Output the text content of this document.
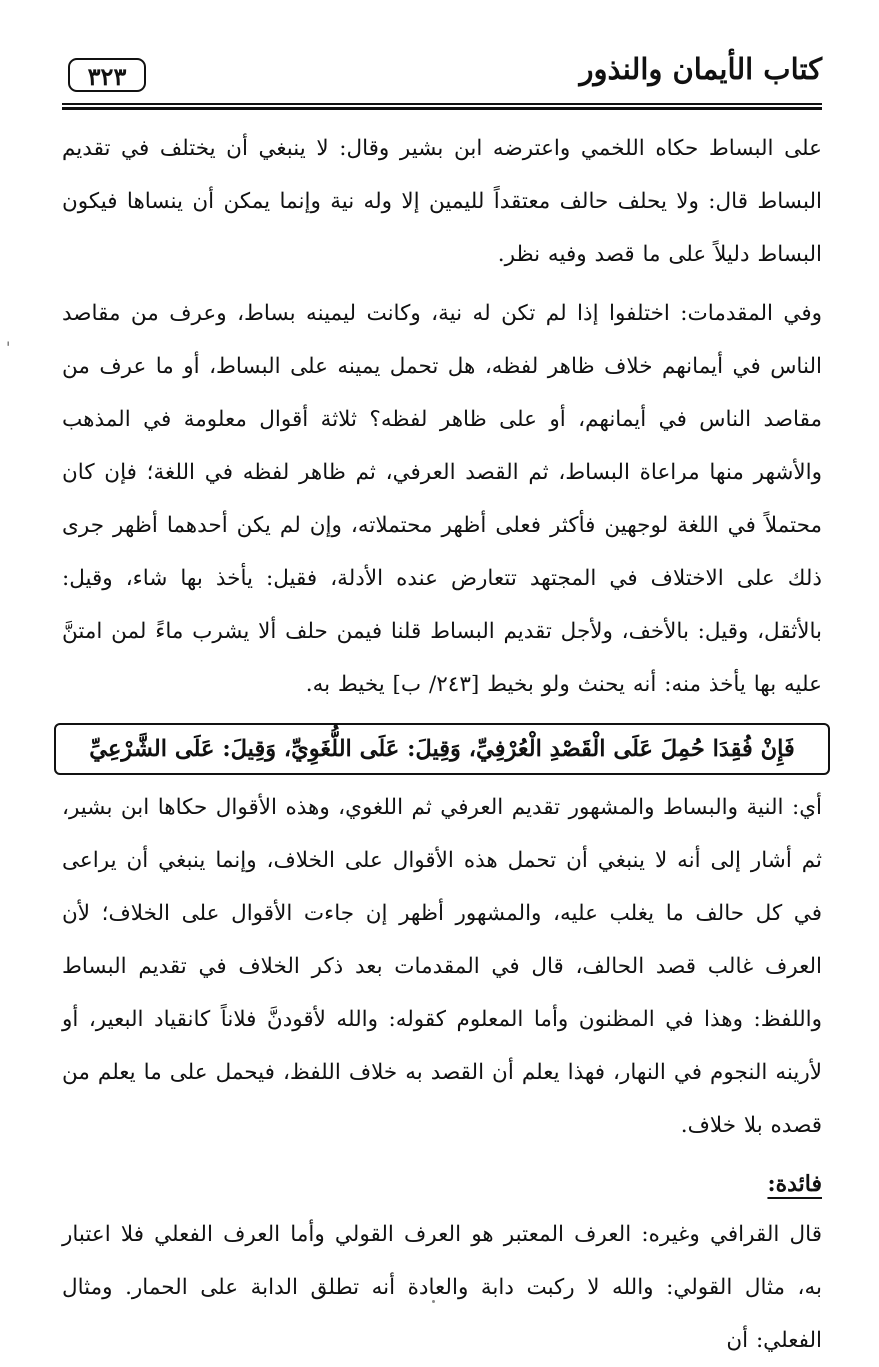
كتاب الأيمان والنذور
٣٢٣

على البساط حكاه اللخمي واعترضه ابن بشير وقال: لا ينبغي أن يختلف في تقديم البساط قال: ولا يحلف حالف معتقداً لليمين إلا وله نية وإنما يمكن أن ينساها فيكون البساط دليلاً على ما قصد وفيه نظر.

وفي المقدمات: اختلفوا إذا لم تكن له نية، وكانت ليمينه بساط، وعرف من مقاصد الناس في أيمانهم خلاف ظاهر لفظه، هل تحمل يمينه على البساط، أو ما عرف من مقاصد الناس في أيمانهم، أو على ظاهر لفظه؟ ثلاثة أقوال معلومة في المذهب والأشهر منها مراعاة البساط، ثم القصد العرفي، ثم ظاهر لفظه في اللغة؛ فإن كان محتملاً في اللغة لوجهين فأكثر فعلى أظهر محتملاته، وإن لم يكن أحدهما أظهر جرى ذلك على الاختلاف في المجتهد تتعارض عنده الأدلة، فقيل: يأخذ بها شاء، وقيل: بالأثقل، وقيل: بالأخف، ولأجل تقديم البساط قلنا فيمن حلف ألا يشرب ماءً لمن امتنَّ عليه بها يأخذ منه: أنه يحنث ولو بخيط [٢٤٣/ ب] يخيط به.

فَإِنْ فُقِدَا حُمِلَ عَلَى الْقَصْدِ الْعُرْفِيِّ، وَقِيلَ: عَلَى اللُّغَوِيِّ، وَقِيلَ: عَلَى الشَّرْعِيِّ

أي: النية والبساط والمشهور تقديم العرفي ثم اللغوي، وهذه الأقوال حكاها ابن بشير، ثم أشار إلى أنه لا ينبغي أن تحمل هذه الأقوال على الخلاف، وإنما ينبغي أن يراعى في كل حالف ما يغلب عليه، والمشهور أظهر إن جاءت الأقوال على الخلاف؛ لأن العرف غالب قصد الحالف، قال في المقدمات بعد ذكر الخلاف في تقديم البساط واللفظ: وهذا في المظنون وأما المعلوم كقوله: والله لأقودنَّ فلاناً كانقياد البعير، أو لأرينه النجوم في النهار، فهذا يعلم أن القصد به خلاف اللفظ، فيحمل على ما يعلم من قصده بلا خلاف.

فائدة:

قال القرافي وغيره: العرف المعتبر هو العرف القولي وأما العرف الفعلي فلا اعتبار به، مثال القولي: والله لا ركبت دابة والعادة أنه تطلق الدابة على الحمار. ومثال الفعلي: أن

'
